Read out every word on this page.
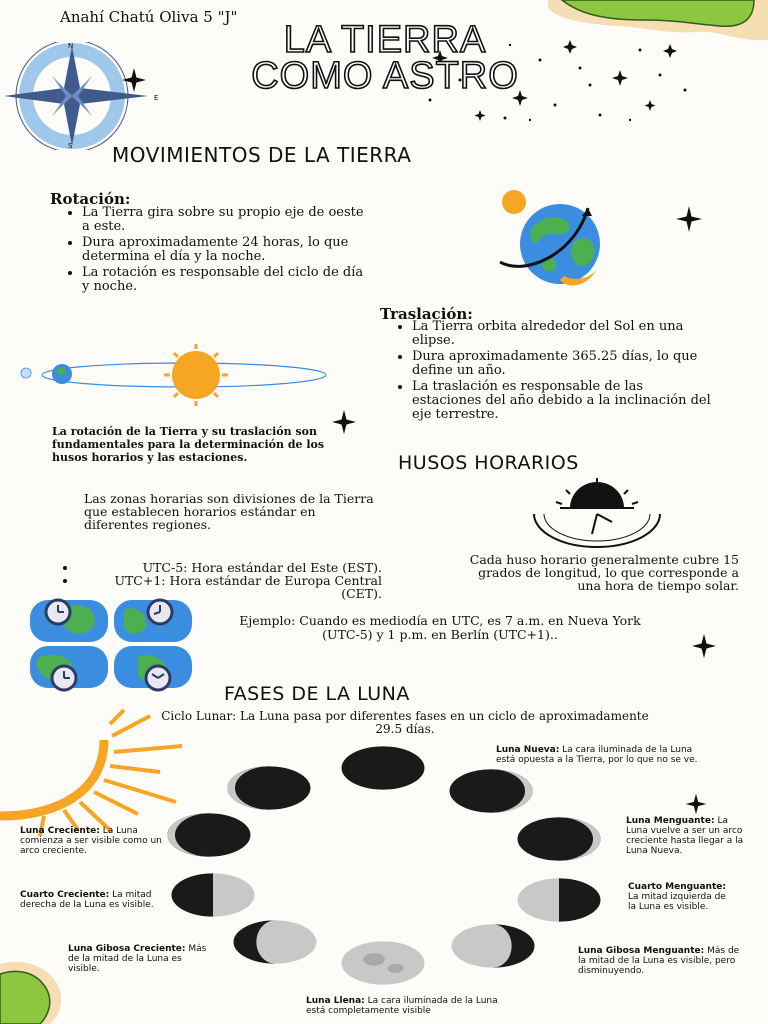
N
E
S
Anahí Chatú Oliva 5 "J"
LA TIERRA
COMO ASTRO
MOVIMIENTOS DE LA TIERRA
Rotación:
• La Tierra gira sobre su propio eje de oeste a este.
• Dura aproximadamente 24 horas, lo que determina el día y la noche.
• La rotación es responsable del ciclo de día y noche.
Traslación:
• La Tierra orbita alrededor del Sol en una elipse.
• Dura aproximadamente 365.25 días, lo que define un año.
• La traslación es responsable de las estaciones del año debido a la inclinación del eje terrestre.
La rotación de la Tierra y su traslación son fundamentales para la determinación de los husos horarios y las estaciones.	HUSOS HORARIOS
Las zonas horarias son divisiones de la Tierra que establecen horarios estándar en diferentes regiones.
• UTC-5: Hora estándar del Este (EST).
• UTC+1: Hora estándar de Europa Central (CET).
Cada huso horario generalmente cubre 15 grados de longitud, lo que corresponde a una hora de tiempo solar.
Ejemplo: Cuando es mediodía en UTC, es 7 a.m. en Nueva York (UTC-5) y 1 p.m. en Berlín (UTC+1)..
FASES DE LA LUNA
Ciclo Lunar: La Luna pasa por diferentes fases en un ciclo de aproximadamente 29.5 días.
Luna Nueva: La cara iluminada de la Luna está opuesta a la Tierra, por lo que no se ve.
Luna Menguante: La Luna vuelve a ser un arco creciente hasta llegar a la Luna Nueva.
Cuarto Menguante: La mitad izquierda de la Luna es visible.
Luna Gibosa Menguante: Más de la mitad de la Luna es visible, pero disminuyendo.
Luna Llena: La cara iluminada de la Luna está completamente visible
Luna Gibosa Creciente: Más de la mitad de la Luna es visible.
Cuarto Creciente: La mitad derecha de la Luna es visible.
Luna Creciente: La Luna comienza a ser visible como un arco creciente.
